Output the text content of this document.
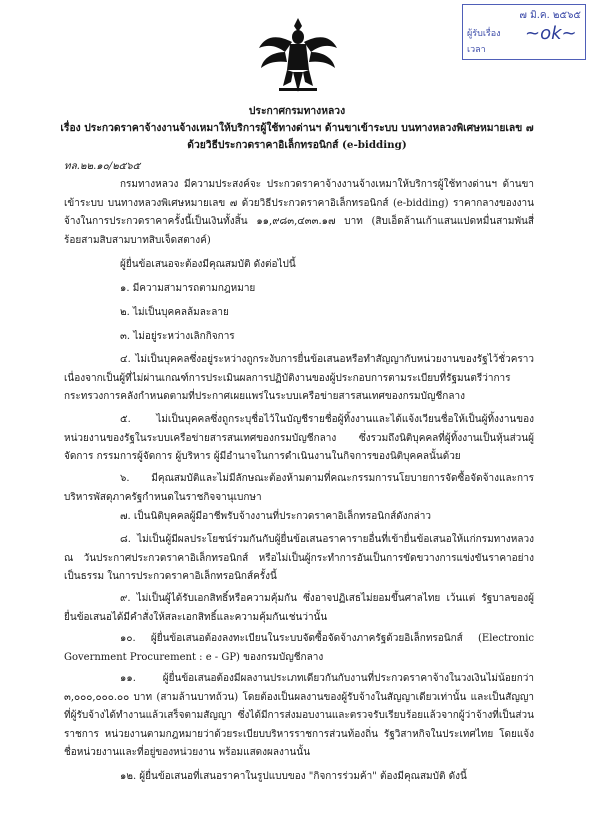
๗ มิ.ค. ๒๕๖๕
ผู้รับเรื่อง
เวลา
~ok~
ประกาศกรมทางหลวง
เรื่อง ประกวดราคาจ้างงานจ้างเหมาให้บริการผู้ใช้ทางด่านฯ ด้านขาเข้าระบบ บนทางหลวงพิเศษหมายเลข ๗
ด้วยวิธีประกวดราคาอิเล็กทรอนิกส์ (e-bidding)
ทล.๒๒.๑๐/๒๕๖๕

กรมทางหลวง มีความประสงค์จะ ประกวดราคาจ้างงานจ้างเหมาให้บริการผู้ใช้ทางด่านฯ ด้านขาเข้าระบบ บนทางหลวงพิเศษหมายเลข ๗ ด้วยวิธีประกวดราคาอิเล็กทรอนิกส์ (e-bidding) ราคากลางของงานจ้างในการประกวดราคาครั้งนี้เป็นเงินทั้งสิ้น ๑๑,๙๘๓,๔๓๓.๑๗ บาท (สิบเอ็ดล้านเก้าแสนแปดหมื่นสามพันสี่ร้อยสามสิบสามบาทสิบเจ็ดสตางค์)

ผู้ยื่นข้อเสนอจะต้องมีคุณสมบัติ ดังต่อไปนี้
๑. มีความสามารถตามกฎหมาย
๒. ไม่เป็นบุคคลล้มละลาย
๓. ไม่อยู่ระหว่างเลิกกิจการ

๔. ไม่เป็นบุคคลซึ่งอยู่ระหว่างถูกระงับการยื่นข้อเสนอหรือทำสัญญากับหน่วยงานของรัฐไว้ชั่วคราว เนื่องจากเป็นผู้ที่ไม่ผ่านเกณฑ์การประเมินผลการปฏิบัติงานของผู้ประกอบการตามระเบียบที่รัฐมนตรีว่าการกระทรวงการคลังกำหนดตามที่ประกาศเผยแพร่ในระบบเครือข่ายสารสนเทศของกรมบัญชีกลาง

๕. ไม่เป็นบุคคลซึ่งถูกระบุชื่อไว้ในบัญชีรายชื่อผู้ทิ้งงานและได้แจ้งเวียนชื่อให้เป็นผู้ทิ้งงานของหน่วยงานของรัฐในระบบเครือข่ายสารสนเทศของกรมบัญชีกลาง ซึ่งรวมถึงนิติบุคคลที่ผู้ทิ้งงานเป็นหุ้นส่วนผู้จัดการ กรรมการผู้จัดการ ผู้บริหาร ผู้มีอำนาจในการดำเนินงานในกิจการของนิติบุคคลนั้นด้วย

๖. มีคุณสมบัติและไม่มีลักษณะต้องห้ามตามที่คณะกรรมการนโยบายการจัดซื้อจัดจ้างและการบริหารพัสดุภาครัฐกำหนดในราชกิจจานุเบกษา

๗. เป็นนิติบุคคลผู้มีอาชีพรับจ้างงานที่ประกวดราคาอิเล็กทรอนิกส์ดังกล่าว

๘. ไม่เป็นผู้มีผลประโยชน์ร่วมกันกับผู้ยื่นข้อเสนอราคารายอื่นที่เข้ายื่นข้อเสนอให้แก่กรมทางหลวง ณ วันประกาศประกวดราคาอิเล็กทรอนิกส์ หรือไม่เป็นผู้กระทำการอันเป็นการขัดขวางการแข่งขันราคาอย่างเป็นธรรม ในการประกวดราคาอิเล็กทรอนิกส์ครั้งนี้

๙. ไม่เป็นผู้ได้รับเอกสิทธิ์หรือความคุ้มกัน ซึ่งอาจปฏิเสธไม่ยอมขึ้นศาลไทย เว้นแต่ รัฐบาลของผู้ยื่นข้อเสนอได้มีคำสั่งให้สละเอกสิทธิ์และความคุ้มกันเช่นว่านั้น

๑๐. ผู้ยื่นข้อเสนอต้องลงทะเบียนในระบบจัดซื้อจัดจ้างภาครัฐด้วยอิเล็กทรอนิกส์ (Electronic Government Procurement : e - GP) ของกรมบัญชีกลาง

๑๑. ผู้ยื่นข้อเสนอต้องมีผลงานประเภทเดียวกันกับงานที่ประกวดราคาจ้างในวงเงินไม่น้อยกว่า ๓,๐๐๐,๐๐๐.๐๐ บาท (สามล้านบาทถ้วน) โดยต้องเป็นผลงานของผู้รับจ้างในสัญญาเดียวเท่านั้น และเป็นสัญญาที่ผู้รับจ้างได้ทำงานแล้วเสร็จตามสัญญา ซึ่งได้มีการส่งมอบงานและตรวจรับเรียบร้อยแล้วจากผู้ว่าจ้างที่เป็นส่วนราชการ หน่วยงานตามกฎหมายว่าด้วยระเบียบบริหารราชการส่วนท้องถิ่น รัฐวิสาหกิจในประเทศไทย โดยแจ้งชื่อหน่วยงานและที่อยู่ของหน่วยงาน พร้อมแสดงผลงานนั้น

๑๒. ผู้ยื่นข้อเสนอที่เสนอราคาในรูปแบบของ "กิจการร่วมค้า" ต้องมีคุณสมบัติ ดังนี้
